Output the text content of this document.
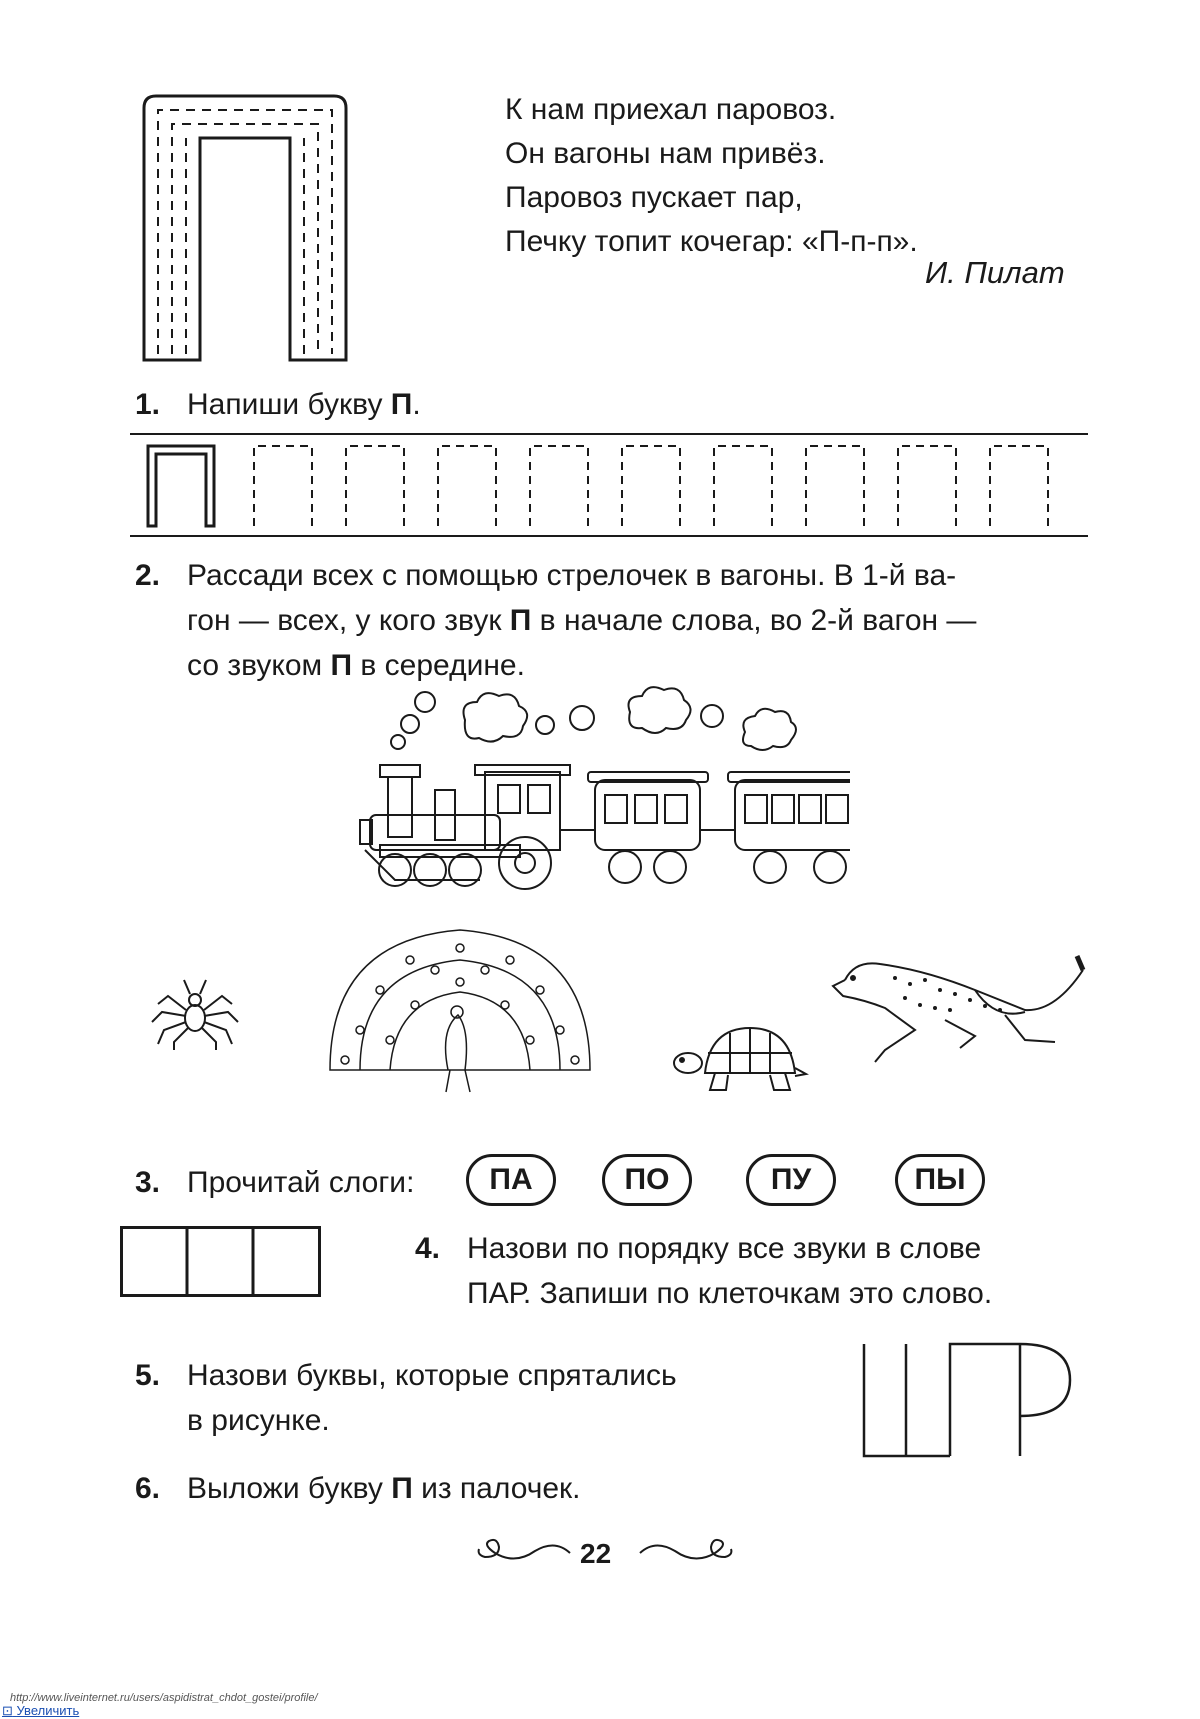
К нам приехал паровоз.
Он вагоны нам привёз.
Паровоз пускает пар,
Печку топит кочегар: «П-п-п».
И. Пилат
1. Напиши букву П.
2. Рассади всех с помощью стрелочек в вагоны. В 1-й ва-
гон — всех, у кого звук П в начале слова, во 2-й вагон —
со звуком П в середине.
3. Прочитай слоги:	ПА	ПО	ПУ	ПЫ
4. Назови по порядку все звуки в слове
ПАР. Запиши по клеточкам это слово.
5. Назови буквы, которые спрятались
в рисунке.
6. Выложи букву П из палочек.
22
http://www.liveinternet.ru/users/aspidistrat_chdot_gostei/profile/
⊡ Увеличить
